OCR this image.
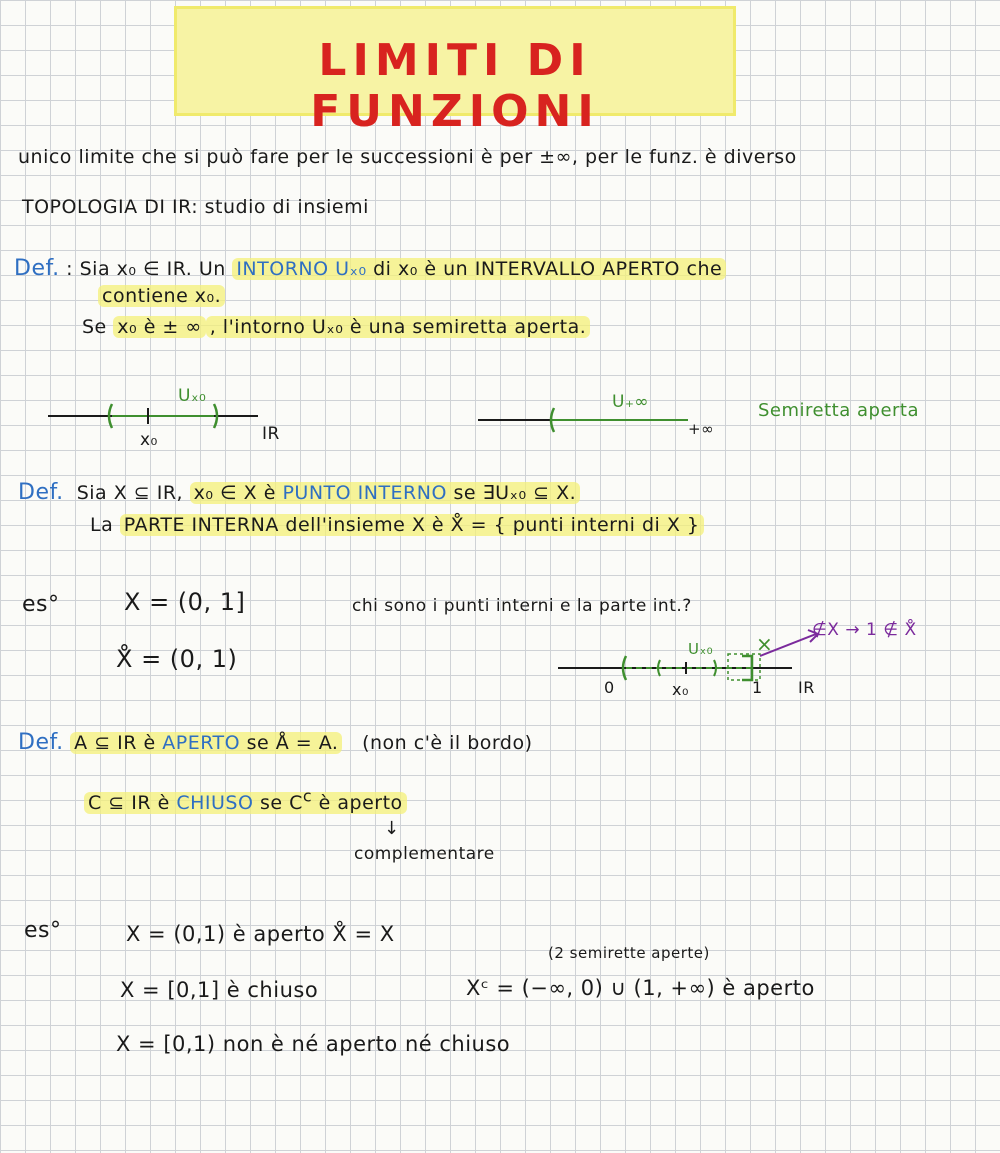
LIMITI DI FUNZIONI
unico limite che si può fare per le successioni è per ±∞, per le funz. è diverso
TOPOLOGIA DI IR: studio di insiemi
Def. : Sia x₀ ∈ IR. Un INTORNO Uₓ₀ di x₀ è un INTERVALLO APERTO che
contiene x₀.
Se x₀ è ± ∞ , l'intorno Uₓ₀ è una semiretta aperta.
Uₓ₀
x₀	IR
U₊∞
+∞
Semiretta aperta
Def. Sia X ⊆ IR, x₀ ∈ X è PUNTO INTERNO se ∃Uₓ₀ ⊆ X.
La PARTE INTERNA dell'insieme X è X̊ = { punti interni di X }
es°	X = (0, 1]	chi sono i punti interni e la parte int.?
X̊ = (0, 1)
∉X → 1 ∉ X̊
Uₓ₀ ×
0	1
x₀	IR
Def. A ⊆ IR è APERTO se Å = A. (non c'è il bordo)
C ⊆ IR è CHIUSO se $C^c$ è aperto
↓
complementare
es°	X = (0,1) è aperto X̊ = X
(2 semirette aperte)
X = [0,1] è chiuso	Xᶜ = (−∞, 0) ∪ (1, +∞) è aperto
X = [0,1) non è né aperto né chiuso
